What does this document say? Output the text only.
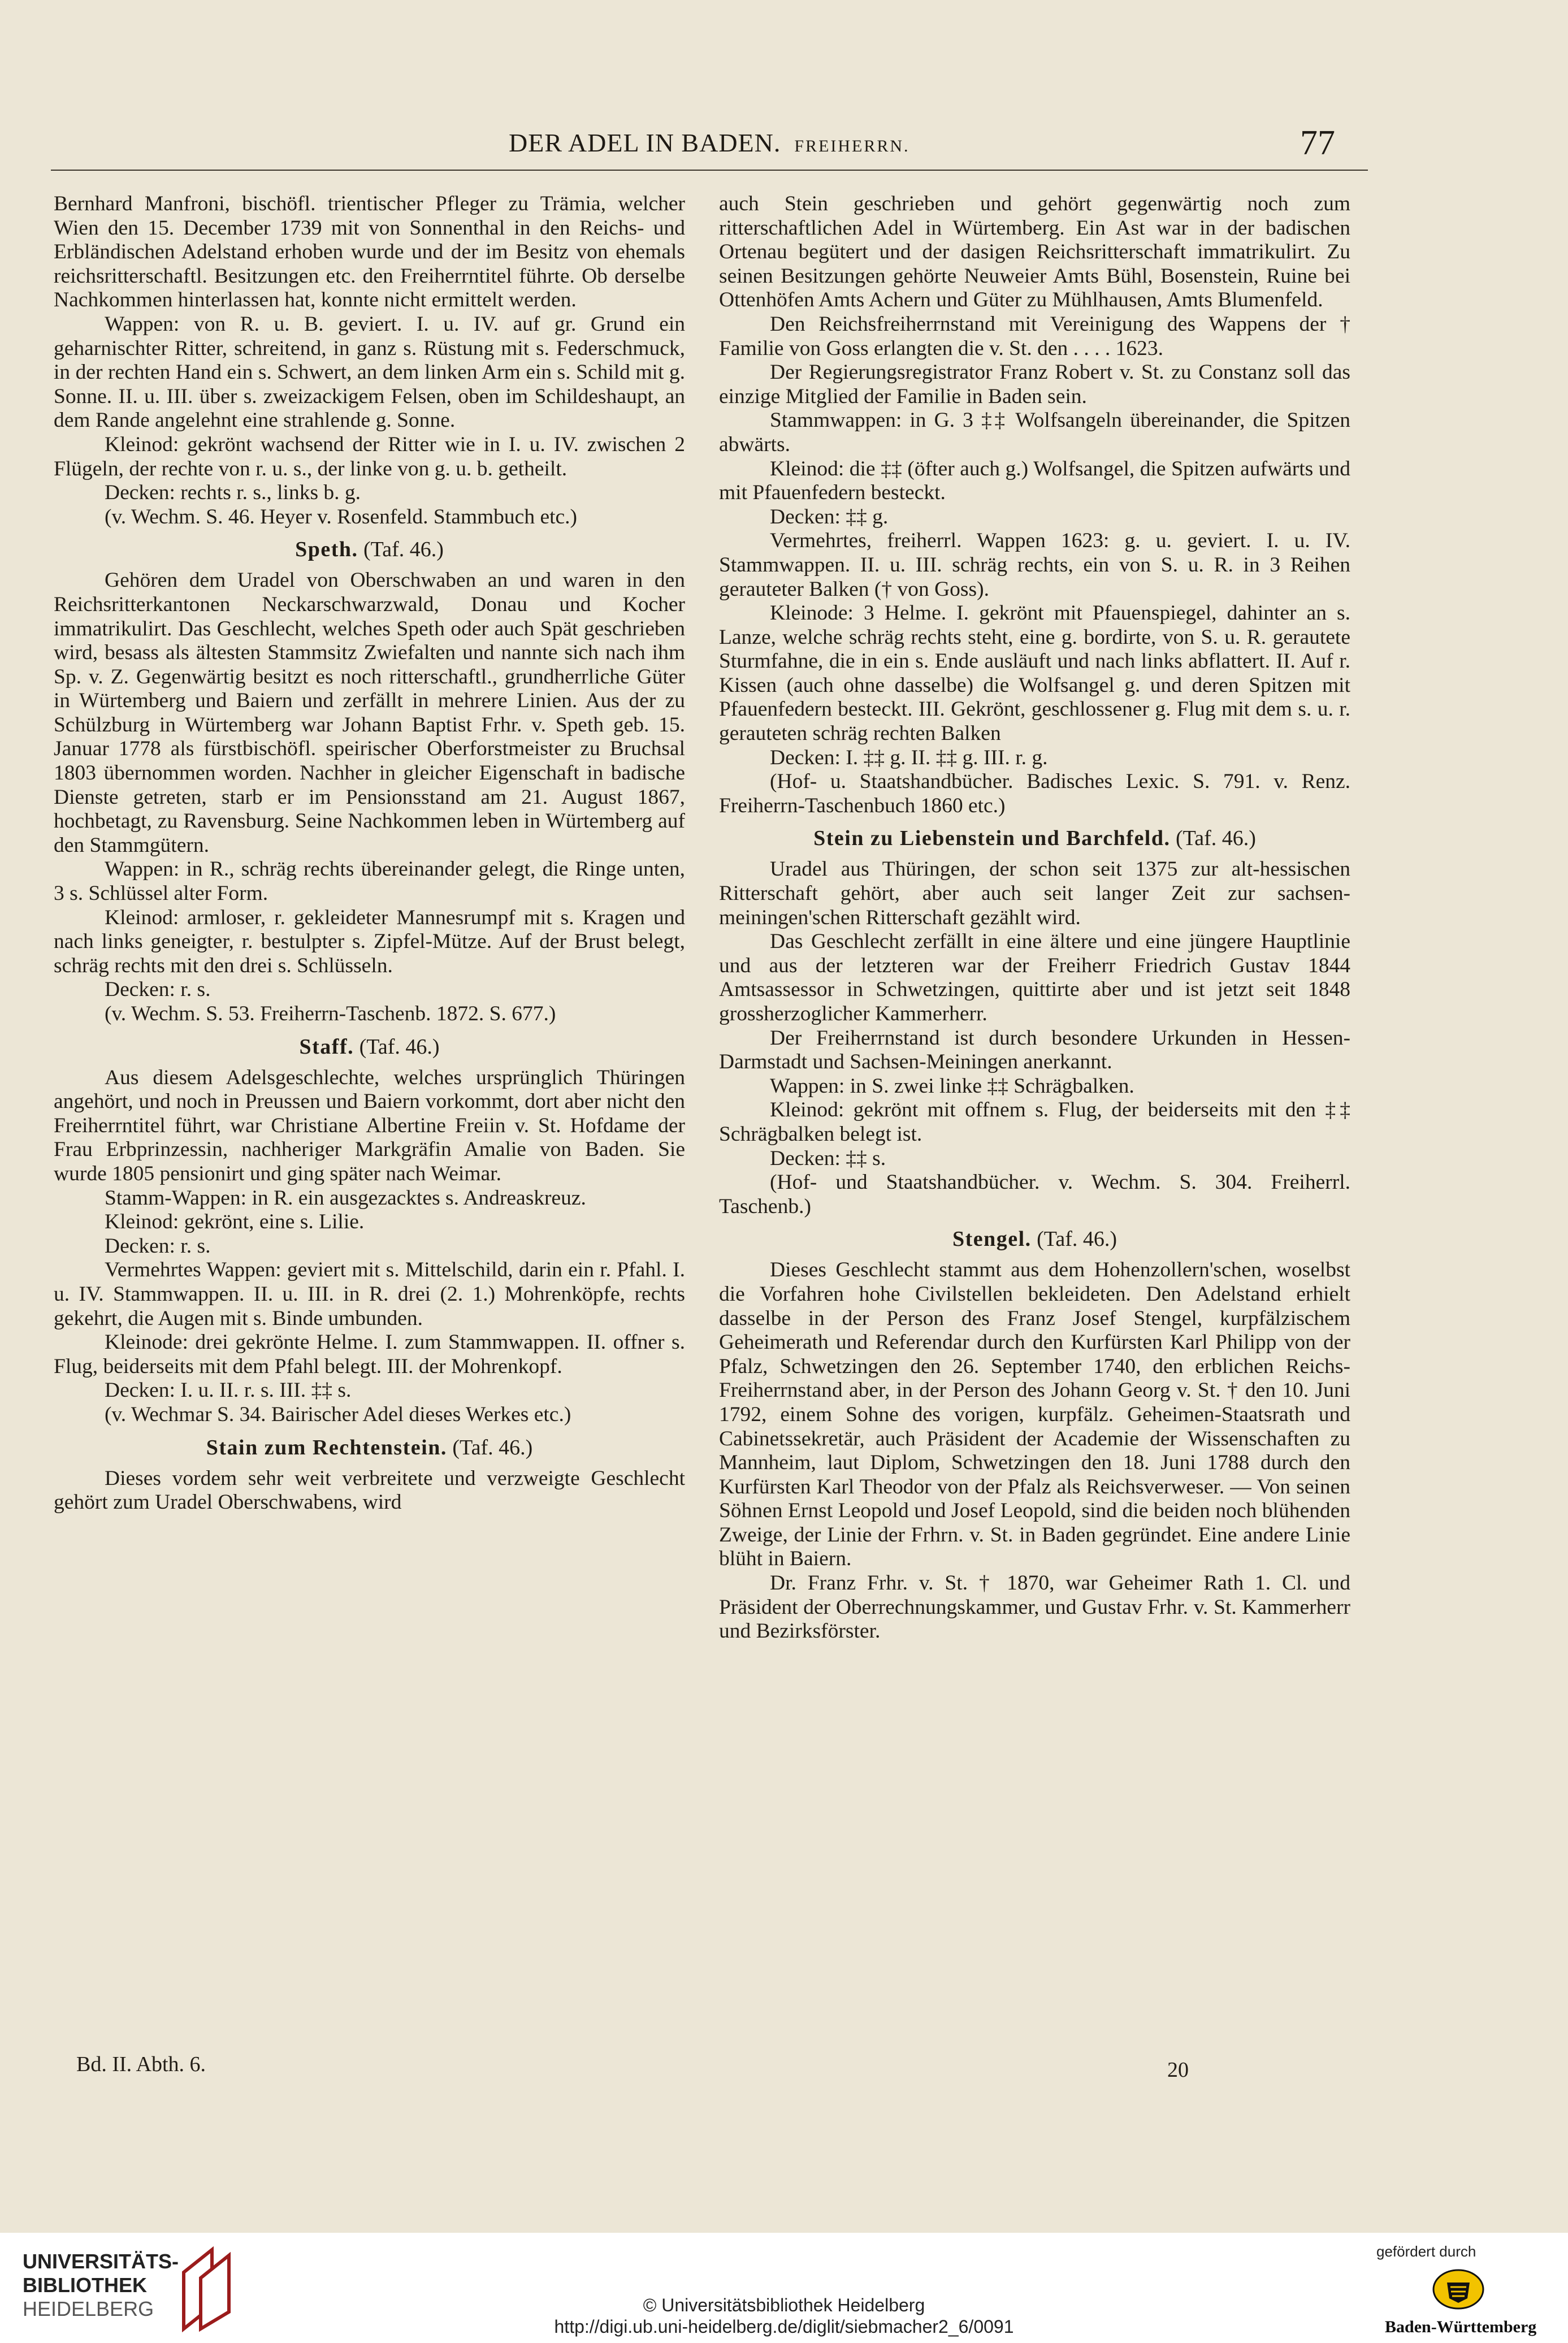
DER ADEL IN BADEN. FREIHERRN.	77

Bernhard Manfroni, bischöfl. trientischer Pfleger zu Trämia, welcher Wien den 15. December 1739 mit von Sonnenthal in den Reichs- und Erbländischen Adelstand erhoben wurde und der im Besitz von ehemals reichsritterschaftl. Besitzungen etc. den Freiherrntitel führte. Ob derselbe Nachkommen hinterlassen hat, konnte nicht ermittelt werden.

Wappen: von R. u. B. geviert. I. u. IV. auf gr. Grund ein geharnischter Ritter, schreitend, in ganz s. Rüstung mit s. Federschmuck, in der rechten Hand ein s. Schwert, an dem linken Arm ein s. Schild mit g. Sonne. II. u. III. über s. zweizackigem Felsen, oben im Schildeshaupt, an dem Rande angelehnt eine strahlende g. Sonne.

Kleinod: gekrönt wachsend der Ritter wie in I. u. IV. zwischen 2 Flügeln, der rechte von r. u. s., der linke von g. u. b. getheilt.

Decken: rechts r. s., links b. g.

(v. Wechm. S. 46. Heyer v. Rosenfeld. Stammbuch etc.)

Speth. (Taf. 46.)

Gehören dem Uradel von Oberschwaben an und waren in den Reichsritterkantonen Neckarschwarzwald, Donau und Kocher immatrikulirt. Das Geschlecht, welches Speth oder auch Spät geschrieben wird, besass als ältesten Stammsitz Zwiefalten und nannte sich nach ihm Sp. v. Z. Gegenwärtig besitzt es noch ritterschaftl., grundherrliche Güter in Würtemberg und Baiern und zerfällt in mehrere Linien. Aus der zu Schülzburg in Würtemberg war Johann Baptist Frhr. v. Speth geb. 15. Januar 1778 als fürstbischöfl. speirischer Oberforstmeister zu Bruchsal 1803 übernommen worden. Nachher in gleicher Eigenschaft in badische Dienste getreten, starb er im Pensionsstand am 21. August 1867, hochbetagt, zu Ravensburg. Seine Nachkommen leben in Würtemberg auf den Stammgütern.

Wappen: in R., schräg rechts übereinander gelegt, die Ringe unten, 3 s. Schlüssel alter Form.

Kleinod: armloser, r. gekleideter Mannesrumpf mit s. Kragen und nach links geneigter, r. bestulpter s. Zipfel-Mütze. Auf der Brust belegt, schräg rechts mit den drei s. Schlüsseln.

Decken: r. s.

(v. Wechm. S. 53. Freiherrn-Taschenb. 1872. S. 677.)

Staff. (Taf. 46.)

Aus diesem Adelsgeschlechte, welches ursprünglich Thüringen angehört, und noch in Preussen und Baiern vorkommt, dort aber nicht den Freiherrntitel führt, war Christiane Albertine Freiin v. St. Hofdame der Frau Erbprinzessin, nachheriger Markgräfin Amalie von Baden. Sie wurde 1805 pensionirt und ging später nach Weimar.

Stamm-Wappen: in R. ein ausgezacktes s. Andreaskreuz.

Kleinod: gekrönt, eine s. Lilie.

Decken: r. s.

Vermehrtes Wappen: geviert mit s. Mittelschild, darin ein r. Pfahl. I. u. IV. Stammwappen. II. u. III. in R. drei (2. 1.) Mohrenköpfe, rechts gekehrt, die Augen mit s. Binde umbunden.

Kleinode: drei gekrönte Helme. I. zum Stammwappen. II. offner s. Flug, beiderseits mit dem Pfahl belegt. III. der Mohrenkopf.

Decken: I. u. II. r. s. III. ‡‡ s.

(v. Wechmar S. 34. Bairischer Adel dieses Werkes etc.)

Stain zum Rechtenstein. (Taf. 46.)

Dieses vordem sehr weit verbreitete und verzweigte Geschlecht gehört zum Uradel Oberschwabens, wird

auch Stein geschrieben und gehört gegenwärtig noch zum ritterschaftlichen Adel in Würtemberg. Ein Ast war in der badischen Ortenau begütert und der dasigen Reichsritterschaft immatrikulirt. Zu seinen Besitzungen gehörte Neuweier Amts Bühl, Bosenstein, Ruine bei Ottenhöfen Amts Achern und Güter zu Mühlhausen, Amts Blumenfeld.

Den Reichsfreiherrnstand mit Vereinigung des Wappens der † Familie von Goss erlangten die v. St. den . . . . 1623.

Der Regierungsregistrator Franz Robert v. St. zu Constanz soll das einzige Mitglied der Familie in Baden sein.

Stammwappen: in G. 3 ‡‡ Wolfsangeln übereinander, die Spitzen abwärts.

Kleinod: die ‡‡ (öfter auch g.) Wolfsangel, die Spitzen aufwärts und mit Pfauenfedern besteckt.

Decken: ‡‡ g.

Vermehrtes, freiherrl. Wappen 1623: g. u. geviert. I. u. IV. Stammwappen. II. u. III. schräg rechts, ein von S. u. R. in 3 Reihen gerauteter Balken († von Goss).

Kleinode: 3 Helme. I. gekrönt mit Pfauenspiegel, dahinter an s. Lanze, welche schräg rechts steht, eine g. bordirte, von S. u. R. gerautete Sturmfahne, die in ein s. Ende ausläuft und nach links abflattert. II. Auf r. Kissen (auch ohne dasselbe) die Wolfsangel g. und deren Spitzen mit Pfauenfedern besteckt. III. Gekrönt, geschlossener g. Flug mit dem s. u. r. gerauteten schräg rechten Balken

Decken: I. ‡‡ g. II. ‡‡ g. III. r. g.

(Hof- u. Staatshandbücher. Badisches Lexic. S. 791. v. Renz. Freiherrn-Taschenbuch 1860 etc.)

Stein zu Liebenstein und Barchfeld. (Taf. 46.)

Uradel aus Thüringen, der schon seit 1375 zur alt-hessischen Ritterschaft gehört, aber auch seit langer Zeit zur sachsen-meiningen'schen Ritterschaft gezählt wird.

Das Geschlecht zerfällt in eine ältere und eine jüngere Hauptlinie und aus der letzteren war der Freiherr Friedrich Gustav 1844 Amtsassessor in Schwetzingen, quittirte aber und ist jetzt seit 1848 grossherzoglicher Kammerherr.

Der Freiherrnstand ist durch besondere Urkunden in Hessen-Darmstadt und Sachsen-Meiningen anerkannt.

Wappen: in S. zwei linke ‡‡ Schrägbalken.

Kleinod: gekrönt mit offnem s. Flug, der beiderseits mit den ‡‡ Schrägbalken belegt ist.

Decken: ‡‡ s.

(Hof- und Staatshandbücher. v. Wechm. S. 304. Freiherrl. Taschenb.)

Stengel. (Taf. 46.)

Dieses Geschlecht stammt aus dem Hohenzollern'schen, woselbst die Vorfahren hohe Civilstellen bekleideten. Den Adelstand erhielt dasselbe in der Person des Franz Josef Stengel, kurpfälzischem Geheimerath und Referendar durch den Kurfürsten Karl Philipp von der Pfalz, Schwetzingen den 26. September 1740, den erblichen Reichs-Freiherrnstand aber, in der Person des Johann Georg v. St. † den 10. Juni 1792, einem Sohne des vorigen, kurpfälz. Geheimen-Staatsrath und Cabinetssekretär, auch Präsident der Academie der Wissenschaften zu Mannheim, laut Diplom, Schwetzingen den 18. Juni 1788 durch den Kurfürsten Karl Theodor von der Pfalz als Reichsverweser. — Von seinen Söhnen Ernst Leopold und Josef Leopold, sind die beiden noch blühenden Zweige, der Linie der Frhrn. v. St. in Baden gegründet. Eine andere Linie blüht in Baiern.

Dr. Franz Frhr. v. St. † 1870, war Geheimer Rath 1. Cl. und Präsident der Oberrechnungskammer, und Gustav Frhr. v. St. Kammerherr und Bezirksförster.

Bd. II. Abth. 6.	20
UNIVERSITÄTS-
BIBLIOTHEK
HEIDELBERG	© Universitätsbibliothek Heidelberg
http://digi.ub.uni-heidelberg.de/diglit/siebmacher2_6/0091
gefördert durch
Baden-Württemberg
